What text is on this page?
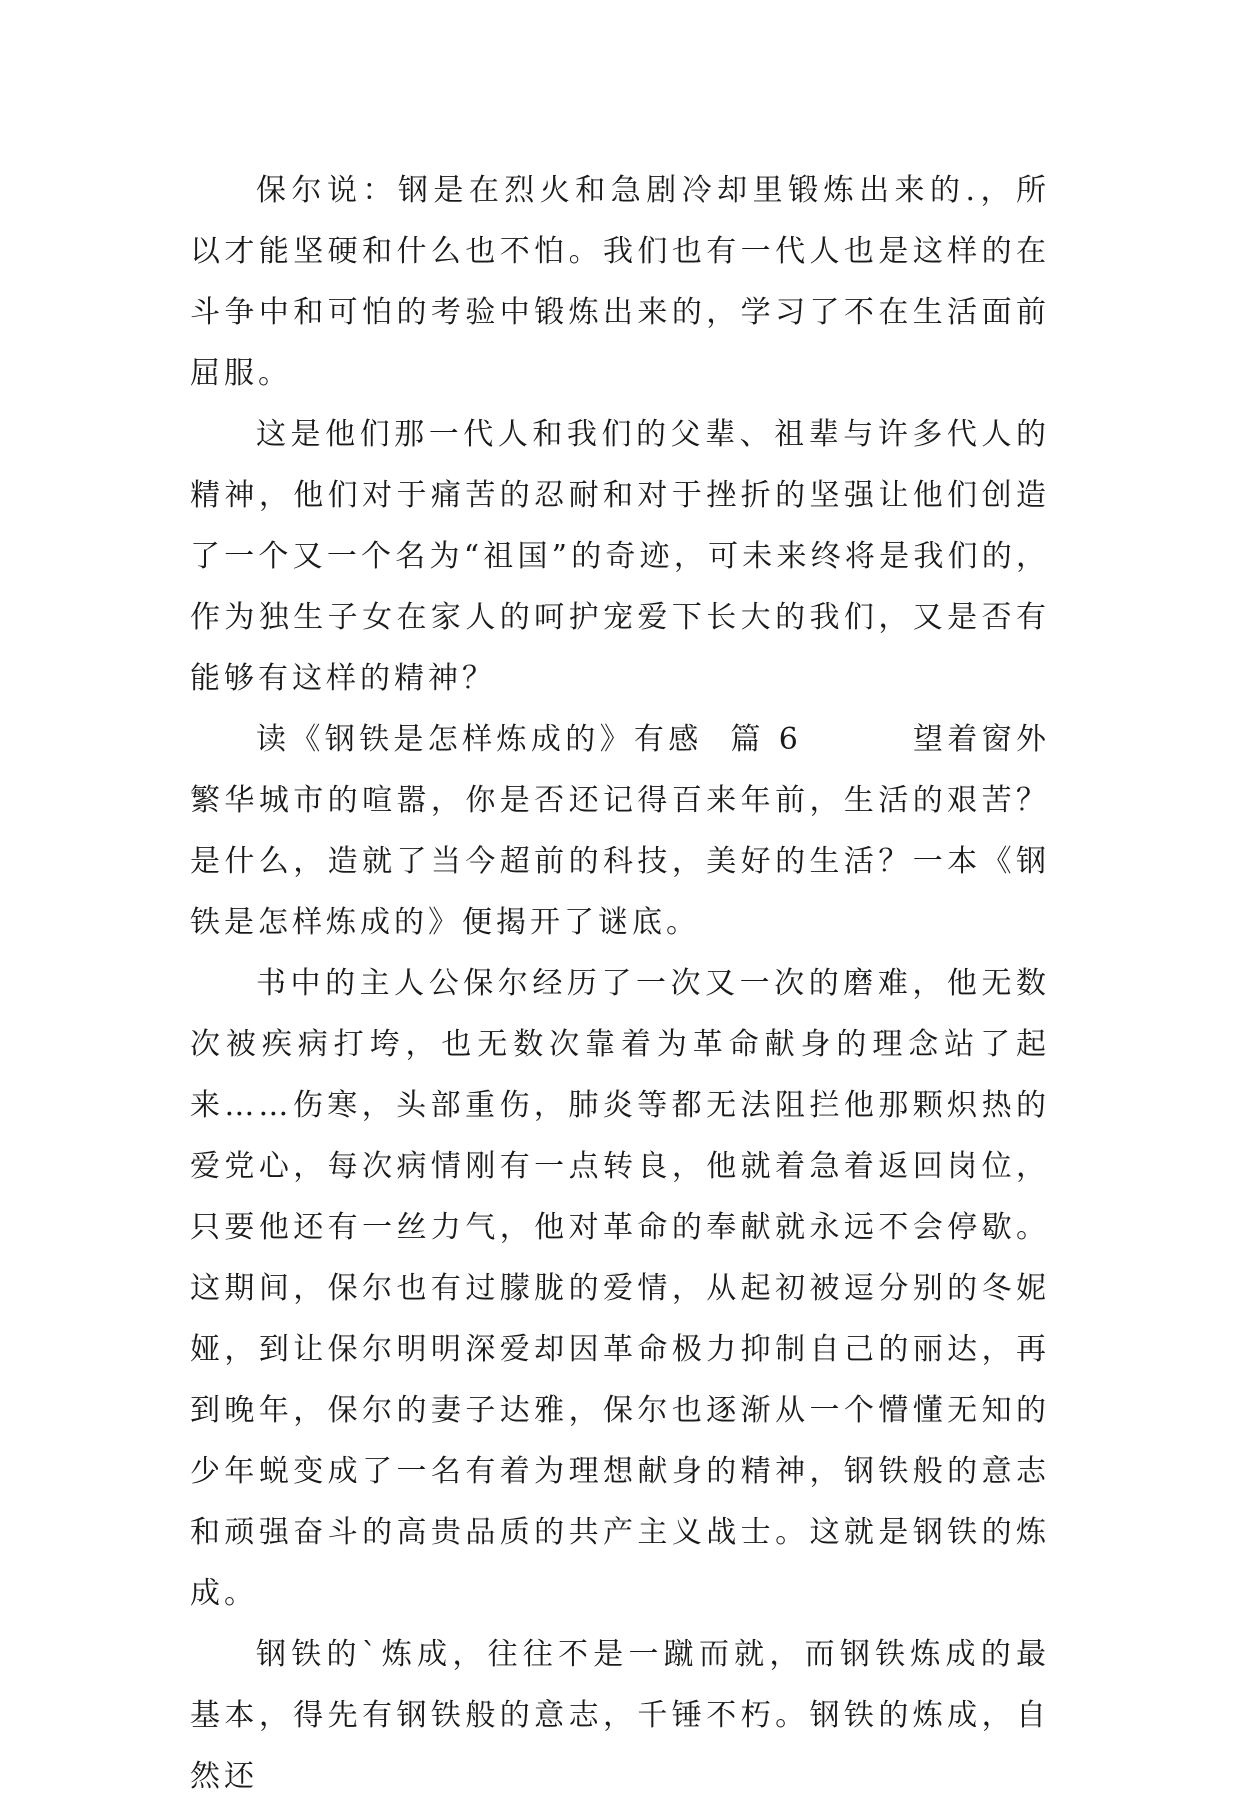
保尔说：钢是在烈火和急剧冷却里锻炼出来的.，所以才能坚硬和什么也不怕。我们也有一代人也是这样的在斗争中和可怕的考验中锻炼出来的，学习了不在生活面前屈服。

这是他们那一代人和我们的父辈、祖辈与许多代人的精神，他们对于痛苦的忍耐和对于挫折的坚强让他们创造了一个又一个名为“祖国”的奇迹，可未来终将是我们的，作为独生子女在家人的呵护宠爱下长大的我们，又是否有能够有这样的精神？

读《钢铁是怎样炼成的》有感  篇 6        望着窗外繁华城市的喧嚣，你是否还记得百来年前，生活的艰苦？是什么，造就了当今超前的科技，美好的生活？一本《钢铁是怎样炼成的》便揭开了谜底。

书中的主人公保尔经历了一次又一次的磨难，他无数次被疾病打垮，也无数次靠着为革命献身的理念站了起来……伤寒，头部重伤，肺炎等都无法阻拦他那颗炽热的爱党心，每次病情刚有一点转良，他就着急着返回岗位，只要他还有一丝力气，他对革命的奉献就永远不会停歇。这期间，保尔也有过朦胧的爱情，从起初被逗分别的冬妮娅，到让保尔明明深爱却因革命极力抑制自己的丽达，再到晚年，保尔的妻子达雅，保尔也逐渐从一个懵懂无知的少年蜕变成了一名有着为理想献身的精神，钢铁般的意志和顽强奋斗的高贵品质的共产主义战士。这就是钢铁的炼成。

钢铁的`炼成，往往不是一蹴而就，而钢铁炼成的最基本，得先有钢铁般的意志，千锤不朽。钢铁的炼成，自然还
